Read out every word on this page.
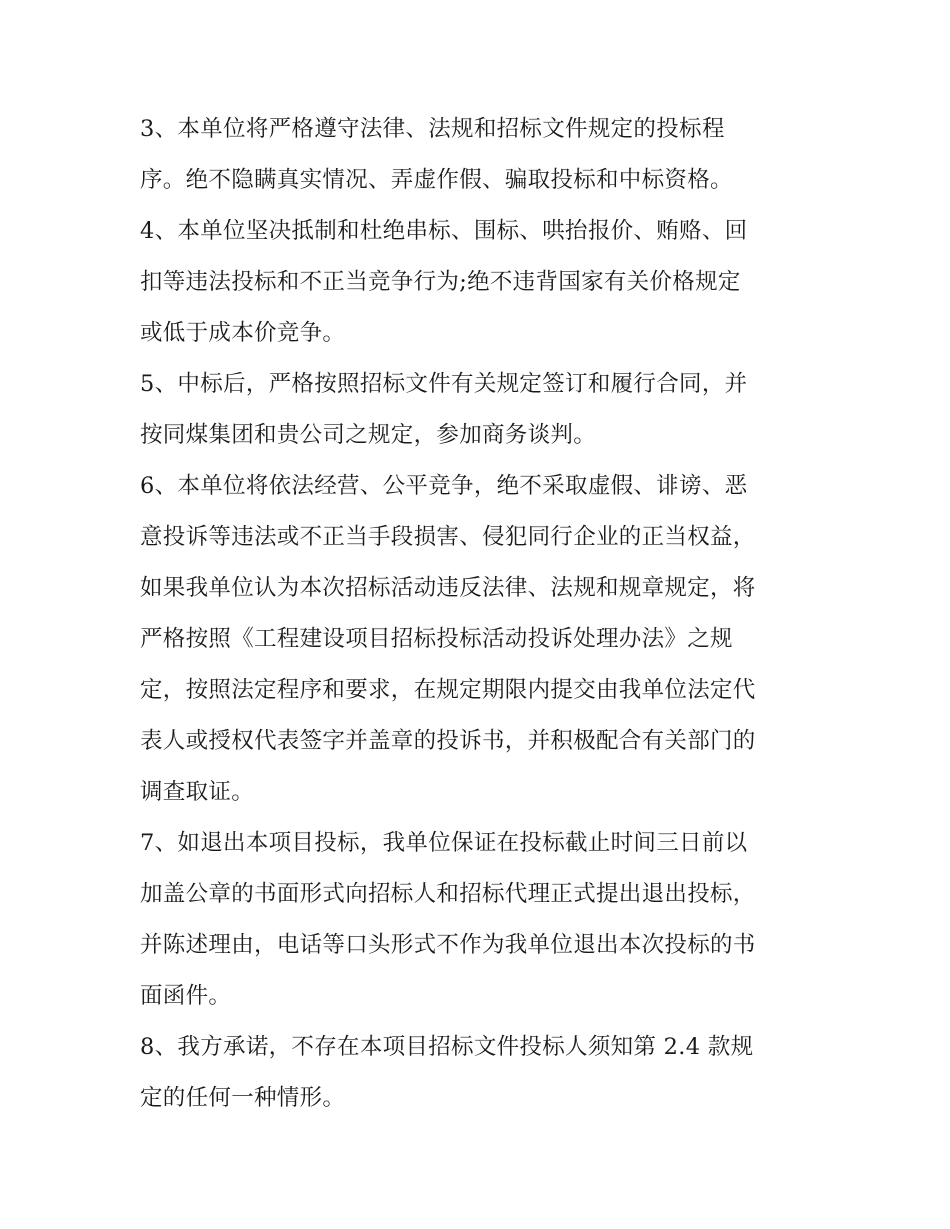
3、本单位将严格遵守法律、法规和招标文件规定的投标程
序。绝不隐瞒真实情况、弄虚作假、骗取投标和中标资格。
4、本单位坚决抵制和杜绝串标、围标、哄抬报价、贿赂、回
扣等违法投标和不正当竞争行为;绝不违背国家有关价格规定
或低于成本价竞争。
5、中标后，严格按照招标文件有关规定签订和履行合同，并
按同煤集团和贵公司之规定，参加商务谈判。
6、本单位将依法经营、公平竞争，绝不采取虚假、诽谤、恶
意投诉等违法或不正当手段损害、侵犯同行企业的正当权益，
如果我单位认为本次招标活动违反法律、法规和规章规定，将
严格按照《工程建设项目招标投标活动投诉处理办法》之规
定，按照法定程序和要求，在规定期限内提交由我单位法定代
表人或授权代表签字并盖章的投诉书，并积极配合有关部门的
调查取证。
7、如退出本项目投标，我单位保证在投标截止时间三日前以
加盖公章的书面形式向招标人和招标代理正式提出退出投标，
并陈述理由，电话等口头形式不作为我单位退出本次投标的书
面函件。
8、我方承诺，不存在本项目招标文件投标人须知第 2.4 款规
定的任何一种情形。
